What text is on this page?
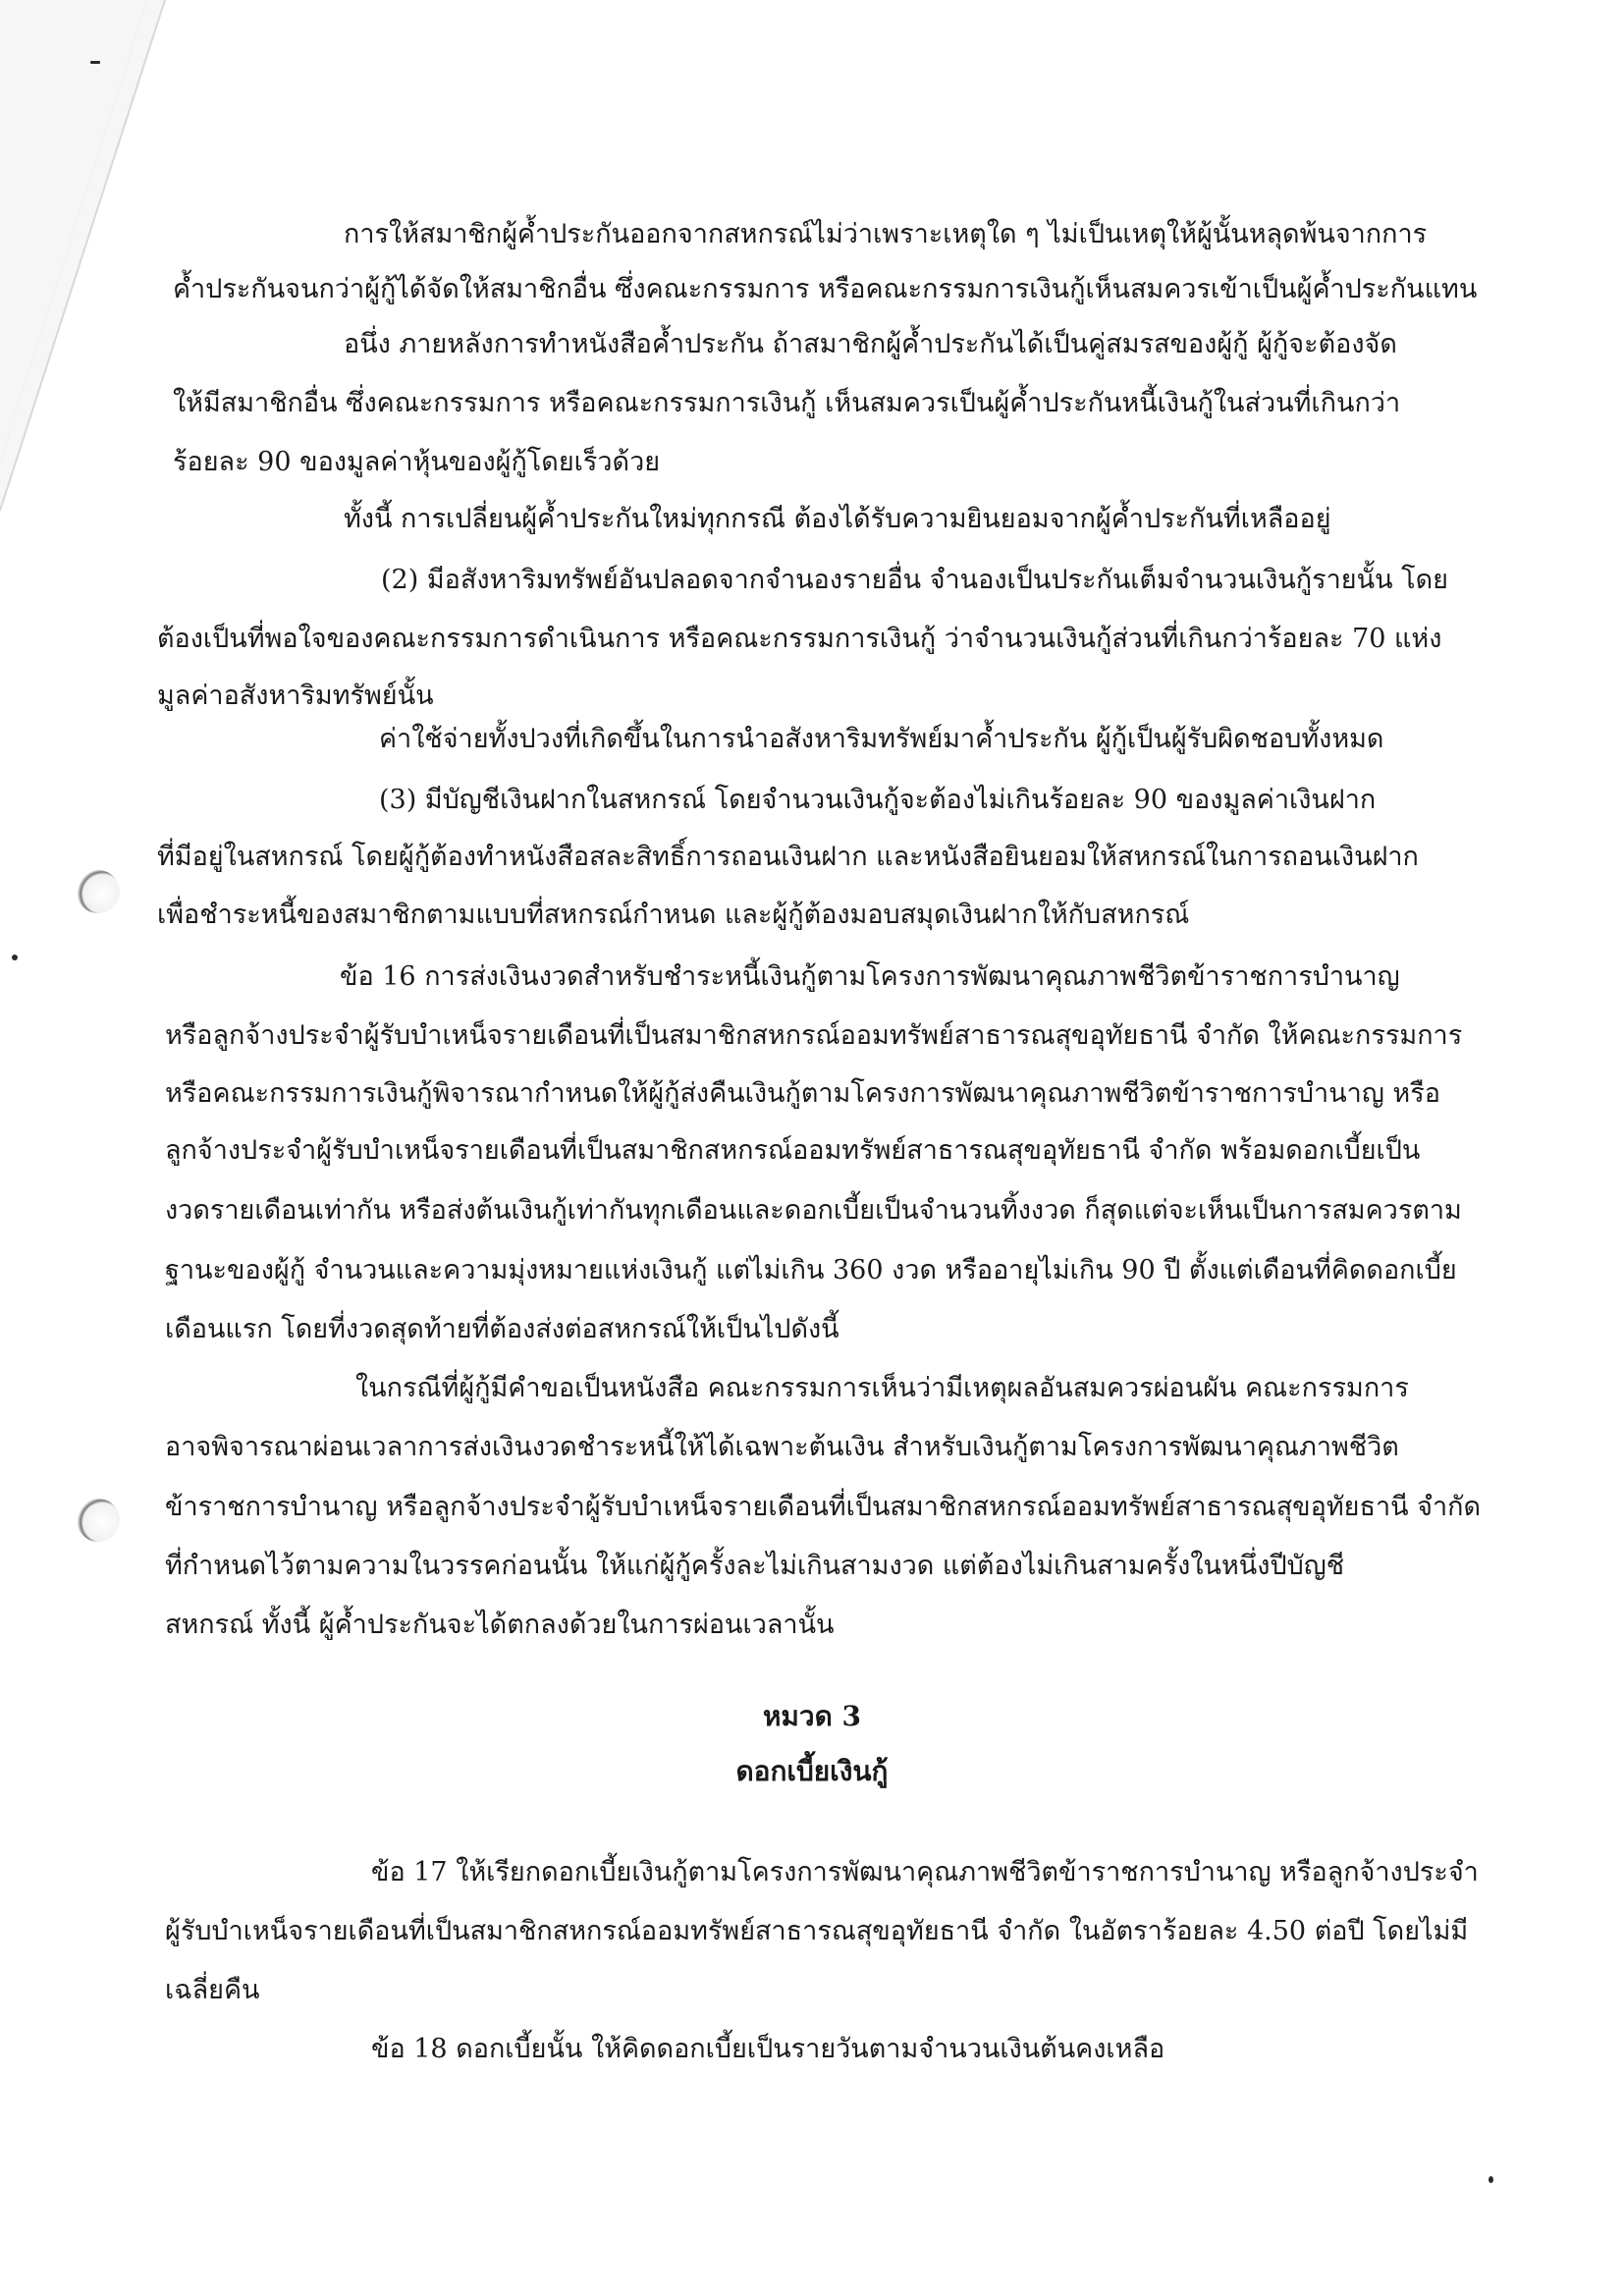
การให้สมาชิกผู้ค้ำประกันออกจากสหกรณ์ไม่ว่าเพราะเหตุใด ๆ ไม่เป็นเหตุให้ผู้นั้นหลุดพ้นจากการ
ค้ำประกันจนกว่าผู้กู้ได้จัดให้สมาชิกอื่น ซึ่งคณะกรรมการ หรือคณะกรรมการเงินกู้เห็นสมควรเข้าเป็นผู้ค้ำประกันแทน
อนึ่ง ภายหลังการทำหนังสือค้ำประกัน ถ้าสมาชิกผู้ค้ำประกันได้เป็นคู่สมรสของผู้กู้ ผู้กู้จะต้องจัด
ให้มีสมาชิกอื่น ซึ่งคณะกรรมการ หรือคณะกรรมการเงินกู้ เห็นสมควรเป็นผู้ค้ำประกันหนี้เงินกู้ในส่วนที่เกินกว่า
ร้อยละ 90 ของมูลค่าหุ้นของผู้กู้โดยเร็วด้วย
ทั้งนี้ การเปลี่ยนผู้ค้ำประกันใหม่ทุกกรณี ต้องได้รับความยินยอมจากผู้ค้ำประกันที่เหลืออยู่
(2) มีอสังหาริมทรัพย์อันปลอดจากจำนองรายอื่น จำนองเป็นประกันเต็มจำนวนเงินกู้รายนั้น โดย
ต้องเป็นที่พอใจของคณะกรรมการดำเนินการ หรือคณะกรรมการเงินกู้ ว่าจำนวนเงินกู้ส่วนที่เกินกว่าร้อยละ 70 แห่ง
มูลค่าอสังหาริมทรัพย์นั้น
ค่าใช้จ่ายทั้งปวงที่เกิดขึ้นในการนำอสังหาริมทรัพย์มาค้ำประกัน ผู้กู้เป็นผู้รับผิดชอบทั้งหมด
(3) มีบัญชีเงินฝากในสหกรณ์ โดยจำนวนเงินกู้จะต้องไม่เกินร้อยละ 90 ของมูลค่าเงินฝาก
ที่มีอยู่ในสหกรณ์ โดยผู้กู้ต้องทำหนังสือสละสิทธิ์การถอนเงินฝาก และหนังสือยินยอมให้สหกรณ์ในการถอนเงินฝาก
เพื่อชำระหนี้ของสมาชิกตามแบบที่สหกรณ์กำหนด และผู้กู้ต้องมอบสมุดเงินฝากให้กับสหกรณ์
ข้อ 16 การส่งเงินงวดสำหรับชำระหนี้เงินกู้ตามโครงการพัฒนาคุณภาพชีวิตข้าราชการบำนาญ
หรือลูกจ้างประจำผู้รับบำเหน็จรายเดือนที่เป็นสมาชิกสหกรณ์ออมทรัพย์สาธารณสุขอุทัยธานี จำกัด ให้คณะกรรมการ
หรือคณะกรรมการเงินกู้พิจารณากำหนดให้ผู้กู้ส่งคืนเงินกู้ตามโครงการพัฒนาคุณภาพชีวิตข้าราชการบำนาญ หรือ
ลูกจ้างประจำผู้รับบำเหน็จรายเดือนที่เป็นสมาชิกสหกรณ์ออมทรัพย์สาธารณสุขอุทัยธานี จำกัด พร้อมดอกเบี้ยเป็น
งวดรายเดือนเท่ากัน หรือส่งต้นเงินกู้เท่ากันทุกเดือนและดอกเบี้ยเป็นจำนวนทิ้งงวด ก็สุดแต่จะเห็นเป็นการสมควรตาม
ฐานะของผู้กู้ จำนวนและความมุ่งหมายแห่งเงินกู้ แต่ไม่เกิน 360 งวด หรืออายุไม่เกิน 90 ปี ตั้งแต่เดือนที่คิดดอกเบี้ย
เดือนแรก โดยที่งวดสุดท้ายที่ต้องส่งต่อสหกรณ์ให้เป็นไปดังนี้
ในกรณีที่ผู้กู้มีคำขอเป็นหนังสือ คณะกรรมการเห็นว่ามีเหตุผลอันสมควรผ่อนผัน คณะกรรมการ
อาจพิจารณาผ่อนเวลาการส่งเงินงวดชำระหนี้ให้ได้เฉพาะต้นเงิน สำหรับเงินกู้ตามโครงการพัฒนาคุณภาพชีวิต
ข้าราชการบำนาญ หรือลูกจ้างประจำผู้รับบำเหน็จรายเดือนที่เป็นสมาชิกสหกรณ์ออมทรัพย์สาธารณสุขอุทัยธานี จำกัด
ที่กำหนดไว้ตามความในวรรคก่อนนั้น ให้แก่ผู้กู้ครั้งละไม่เกินสามงวด แต่ต้องไม่เกินสามครั้งในหนึ่งปีบัญชี
สหกรณ์ ทั้งนี้ ผู้ค้ำประกันจะได้ตกลงด้วยในการผ่อนเวลานั้น
หมวด 3
ดอกเบี้ยเงินกู้
ข้อ 17 ให้เรียกดอกเบี้ยเงินกู้ตามโครงการพัฒนาคุณภาพชีวิตข้าราชการบำนาญ หรือลูกจ้างประจำ
ผู้รับบำเหน็จรายเดือนที่เป็นสมาชิกสหกรณ์ออมทรัพย์สาธารณสุขอุทัยธานี จำกัด ในอัตราร้อยละ 4.50 ต่อปี โดยไม่มี
เฉลี่ยคืน
ข้อ 18 ดอกเบี้ยนั้น ให้คิดดอกเบี้ยเป็นรายวันตามจำนวนเงินต้นคงเหลือ
